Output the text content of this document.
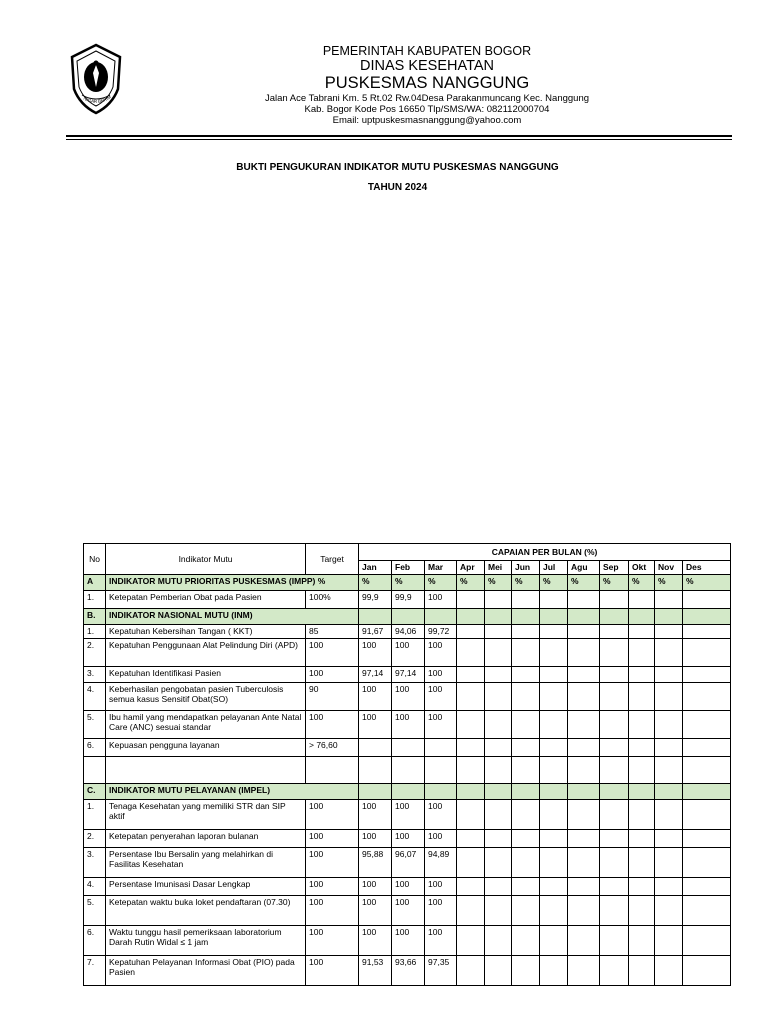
TEGAR BERIM
PEMERINTAH KABUPATEN BOGOR
DINAS KESEHATAN
PUSKESMAS NANGGUNG
Jalan Ace Tabrani Km. 5 Rt.02 Rw.04Desa Parakanmuncang Kec. Nanggung
Kab. Bogor Kode Pos 16650 Tlp/SMS/WA: 082112000704
Email: uptpuskesmasnanggung@yahoo.com
BUKTI PENGUKURAN INDIKATOR MUTU PUSKESMAS NANGGUNG
TAHUN 2024
No	Indikator Mutu	Target	CAPAIAN PER BULAN (%)											
			Jan	Feb	Mar	Apr	Mei	Jun	Jul	Agu	Sep	Okt	Nov	Des
A	INDIKATOR MUTU PRIORITAS PUSKESMAS (IMPP) %		%	%	%	%	%	%	%	%	%	%	%	%
1.	Ketepatan Pemberian Obat pada Pasien	100%	99,9	99,9	100									
B.	INDIKATOR NASIONAL MUTU (INM)													
1.	Kepatuhan Kebersihan Tangan ( KKT)	85	91,67	94,06	99,72									
2.	Kepatuhan Penggunaan Alat Pelindung Diri (APD)	100	100	100	100									
3.	Kepatuhan Identifikasi Pasien	100	97,14	97,14	100									
4.	Keberhasilan pengobatan pasien Tuberculosis semua kasus Sensitif Obat(SO)	90	100	100	100									
5.	Ibu hamil yang mendapatkan pelayanan Ante Natal Care (ANC) sesuai standar	100	100	100	100									
6.	Kepuasan pengguna layanan	> 76,60												

C.	INDIKATOR MUTU PELAYANAN (IMPEL)													
1.	Tenaga Kesehatan yang memiliki STR dan SIP aktif	100	100	100	100									
2.	Ketepatan penyerahan laporan bulanan	100	100	100	100									
3.	Persentase Ibu Bersalin yang melahirkan di Fasilitas Kesehatan	100	95,88	96,07	94,89									
4.	Persentase Imunisasi Dasar Lengkap	100	100	100	100									
5.	Ketepatan waktu buka loket pendaftaran (07.30)	100	100	100	100									
6.	Waktu tunggu hasil pemeriksaan laboratorium Darah Rutin Widal ≤ 1 jam	100	100	100	100									
7.	Kepatuhan Pelayanan Informasi Obat (PIO) pada Pasien	100	91,53	93,66	97,35									
